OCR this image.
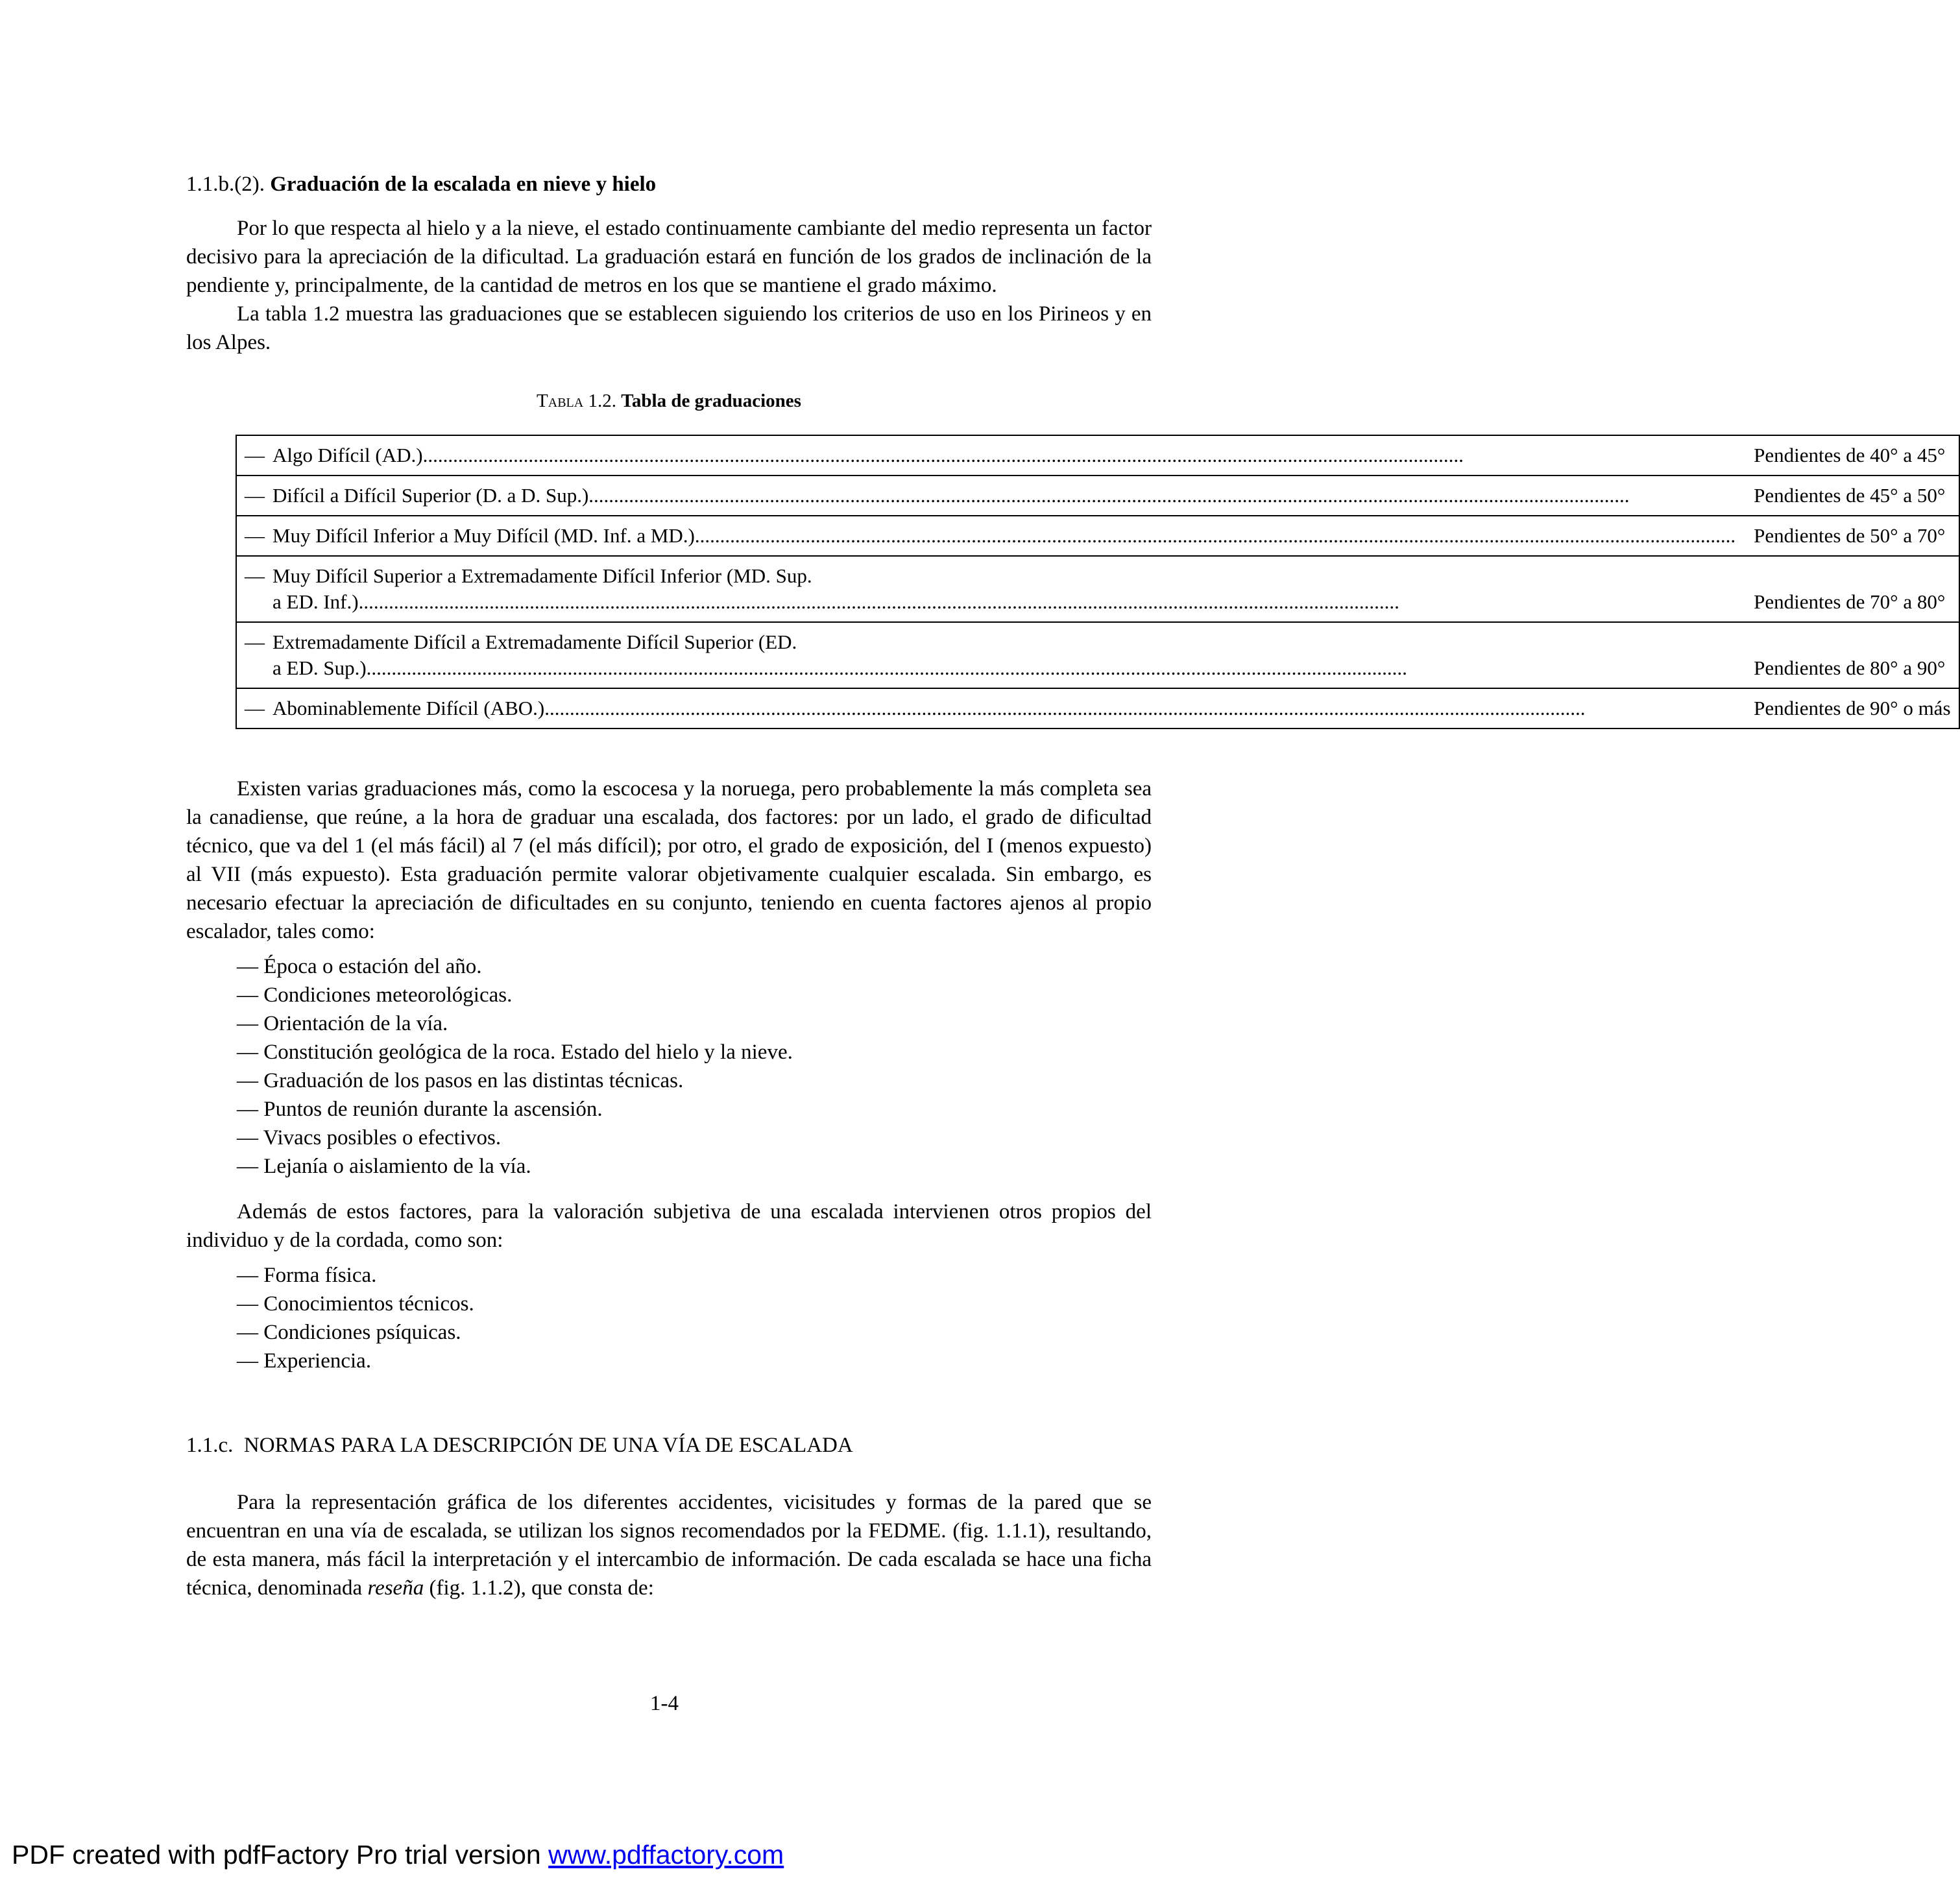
1.1.b.(2). Graduación de la escalada en nieve y hielo

Por lo que respecta al hielo y a la nieve, el estado continuamente cambiante del medio representa un factor decisivo para la apreciación de la dificultad. La graduación estará en función de los grados de inclinación de la pendiente y, principalmente, de la cantidad de metros en los que se mantiene el grado máximo.

La tabla 1.2 muestra las graduaciones que se establecen siguiendo los criterios de uso en los Pirineos y en los Alpes.

Tabla 1.2. Tabla de graduaciones
— Algo Difícil (AD.)
.....	Pendientes de 40° a 45°

— Difícil a Difícil Superior (D. a D. Sup.)
.....	Pendientes de 45° a 50°

— Muy Difícil Inferior a Muy Difícil (MD. Inf. a MD.)
.....	Pendientes de 50° a 70°

— Muy Difícil Superior a Extremadamente Difícil Inferior (MD. Sup.
a ED. Inf.)
.....	Pendientes de 70° a 80°

— Extremadamente Difícil a Extremadamente Difícil Superior (ED.
a ED. Sup.)
.....	Pendientes de 80° a 90°

— Abominablemente Difícil (ABO.)
.....	Pendientes de 90° o más

Existen varias graduaciones más, como la escocesa y la noruega, pero probablemente la más completa sea la canadiense, que reúne, a la hora de graduar una escalada, dos factores: por un lado, el grado de dificultad técnico, que va del 1 (el más fácil) al 7 (el más difícil); por otro, el grado de exposición, del I (menos expuesto) al VII (más expuesto). Esta graduación permite valorar objetivamente cualquier escalada. Sin embargo, es necesario efectuar la apreciación de dificultades en su conjunto, teniendo en cuenta factores ajenos al propio escalador, tales como:

— Época o estación del año.
— Condiciones meteorológicas.
— Orientación de la vía.
— Constitución geológica de la roca. Estado del hielo y la nieve.
— Graduación de los pasos en las distintas técnicas.
— Puntos de reunión durante la ascensión.
— Vivacs posibles o efectivos.
— Lejanía o aislamiento de la vía.

Además de estos factores, para la valoración subjetiva de una escalada intervienen otros propios del individuo y de la cordada, como son:

— Forma física.
— Conocimientos técnicos.
— Condiciones psíquicas.
— Experiencia.
1.1.c. NORMAS PARA LA DESCRIPCIÓN DE UNA VÍA DE ESCALADA

Para la representación gráfica de los diferentes accidentes, vicisitudes y formas de la pared que se encuentran en una vía de escalada, se utilizan los signos recomendados por la FEDME. (fig. 1.1.1), resultando, de esta manera, más fácil la interpretación y el intercambio de información. De cada escalada se hace una ficha técnica, denominada reseña (fig. 1.1.2), que consta de:

1-4
PDF created with pdfFactory Pro trial version www.pdffactory.com
